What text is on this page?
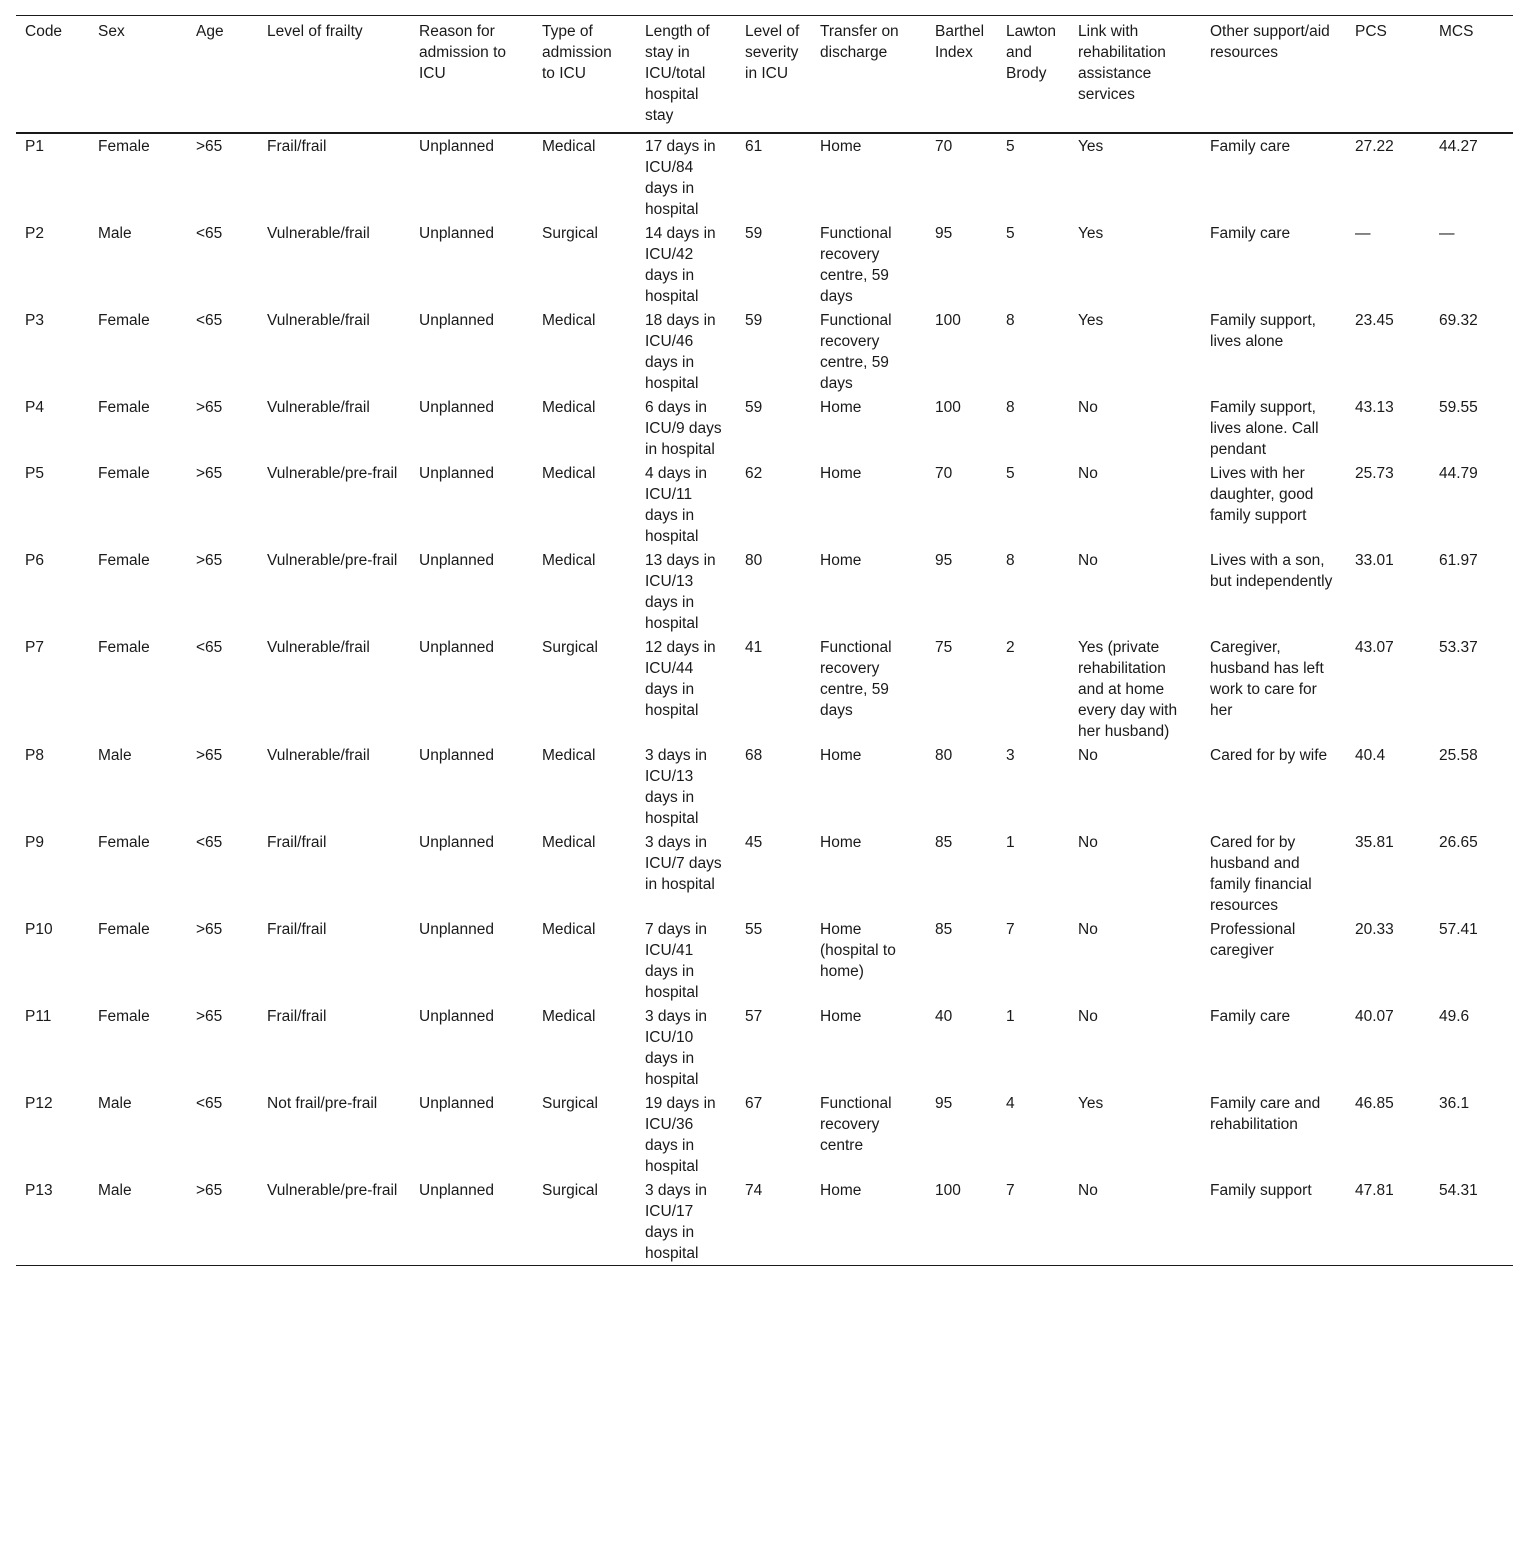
Code	Sex	Age	Level of frailty	Reason for admission to ICU	Type of admission to ICU	Length of stay in ICU/total hospital stay	Level of severity in ICU	Transfer on discharge	Barthel Index	Lawton and Brody	Link with rehabilitation assistance services	Other support/aid resources	PCS	MCS
P1	Female	>65	Frail/frail	Unplanned	Medical	17 days in ICU/84 days in hospital	61	Home	70	5	Yes	Family care	27.22	44.27
P2	Male	<65	Vulnerable/frail	Unplanned	Surgical	14 days in ICU/42 days in hospital	59	Functional recovery centre, 59 days	95	5	Yes	Family care	—	—
P3	Female	<65	Vulnerable/frail	Unplanned	Medical	18 days in ICU/46 days in hospital	59	Functional recovery centre, 59 days	100	8	Yes	Family support, lives alone	23.45	69.32
P4	Female	>65	Vulnerable/frail	Unplanned	Medical	6 days in ICU/9 days in hospital	59	Home	100	8	No	Family support, lives alone. Call pendant	43.13	59.55
P5	Female	>65	Vulnerable/pre-frail	Unplanned	Medical	4 days in ICU/11 days in hospital	62	Home	70	5	No	Lives with her daughter, good family support	25.73	44.79
P6	Female	>65	Vulnerable/pre-frail	Unplanned	Medical	13 days in ICU/13 days in hospital	80	Home	95	8	No	Lives with a son, but independently	33.01	61.97
P7	Female	<65	Vulnerable/frail	Unplanned	Surgical	12 days in ICU/44 days in hospital	41	Functional recovery centre, 59 days	75	2	Yes (private rehabilitation and at home every day with her husband)	Caregiver, husband has left work to care for her	43.07	53.37
P8	Male	>65	Vulnerable/frail	Unplanned	Medical	3 days in ICU/13 days in hospital	68	Home	80	3	No	Cared for by wife	40.4	25.58
P9	Female	<65	Frail/frail	Unplanned	Medical	3 days in ICU/7 days in hospital	45	Home	85	1	No	Cared for by husband and family financial resources	35.81	26.65
P10	Female	>65	Frail/frail	Unplanned	Medical	7 days in ICU/41 days in hospital	55	Home (hospital to home)	85	7	No	Professional caregiver	20.33	57.41
P11	Female	>65	Frail/frail	Unplanned	Medical	3 days in ICU/10 days in hospital	57	Home	40	1	No	Family care	40.07	49.6
P12	Male	<65	Not frail/pre-frail	Unplanned	Surgical	19 days in ICU/36 days in hospital	67	Functional recovery centre	95	4	Yes	Family care and rehabilitation	46.85	36.1
P13	Male	>65	Vulnerable/pre-frail	Unplanned	Surgical	3 days in ICU/17 days in hospital	74	Home	100	7	No	Family support	47.81	54.31
